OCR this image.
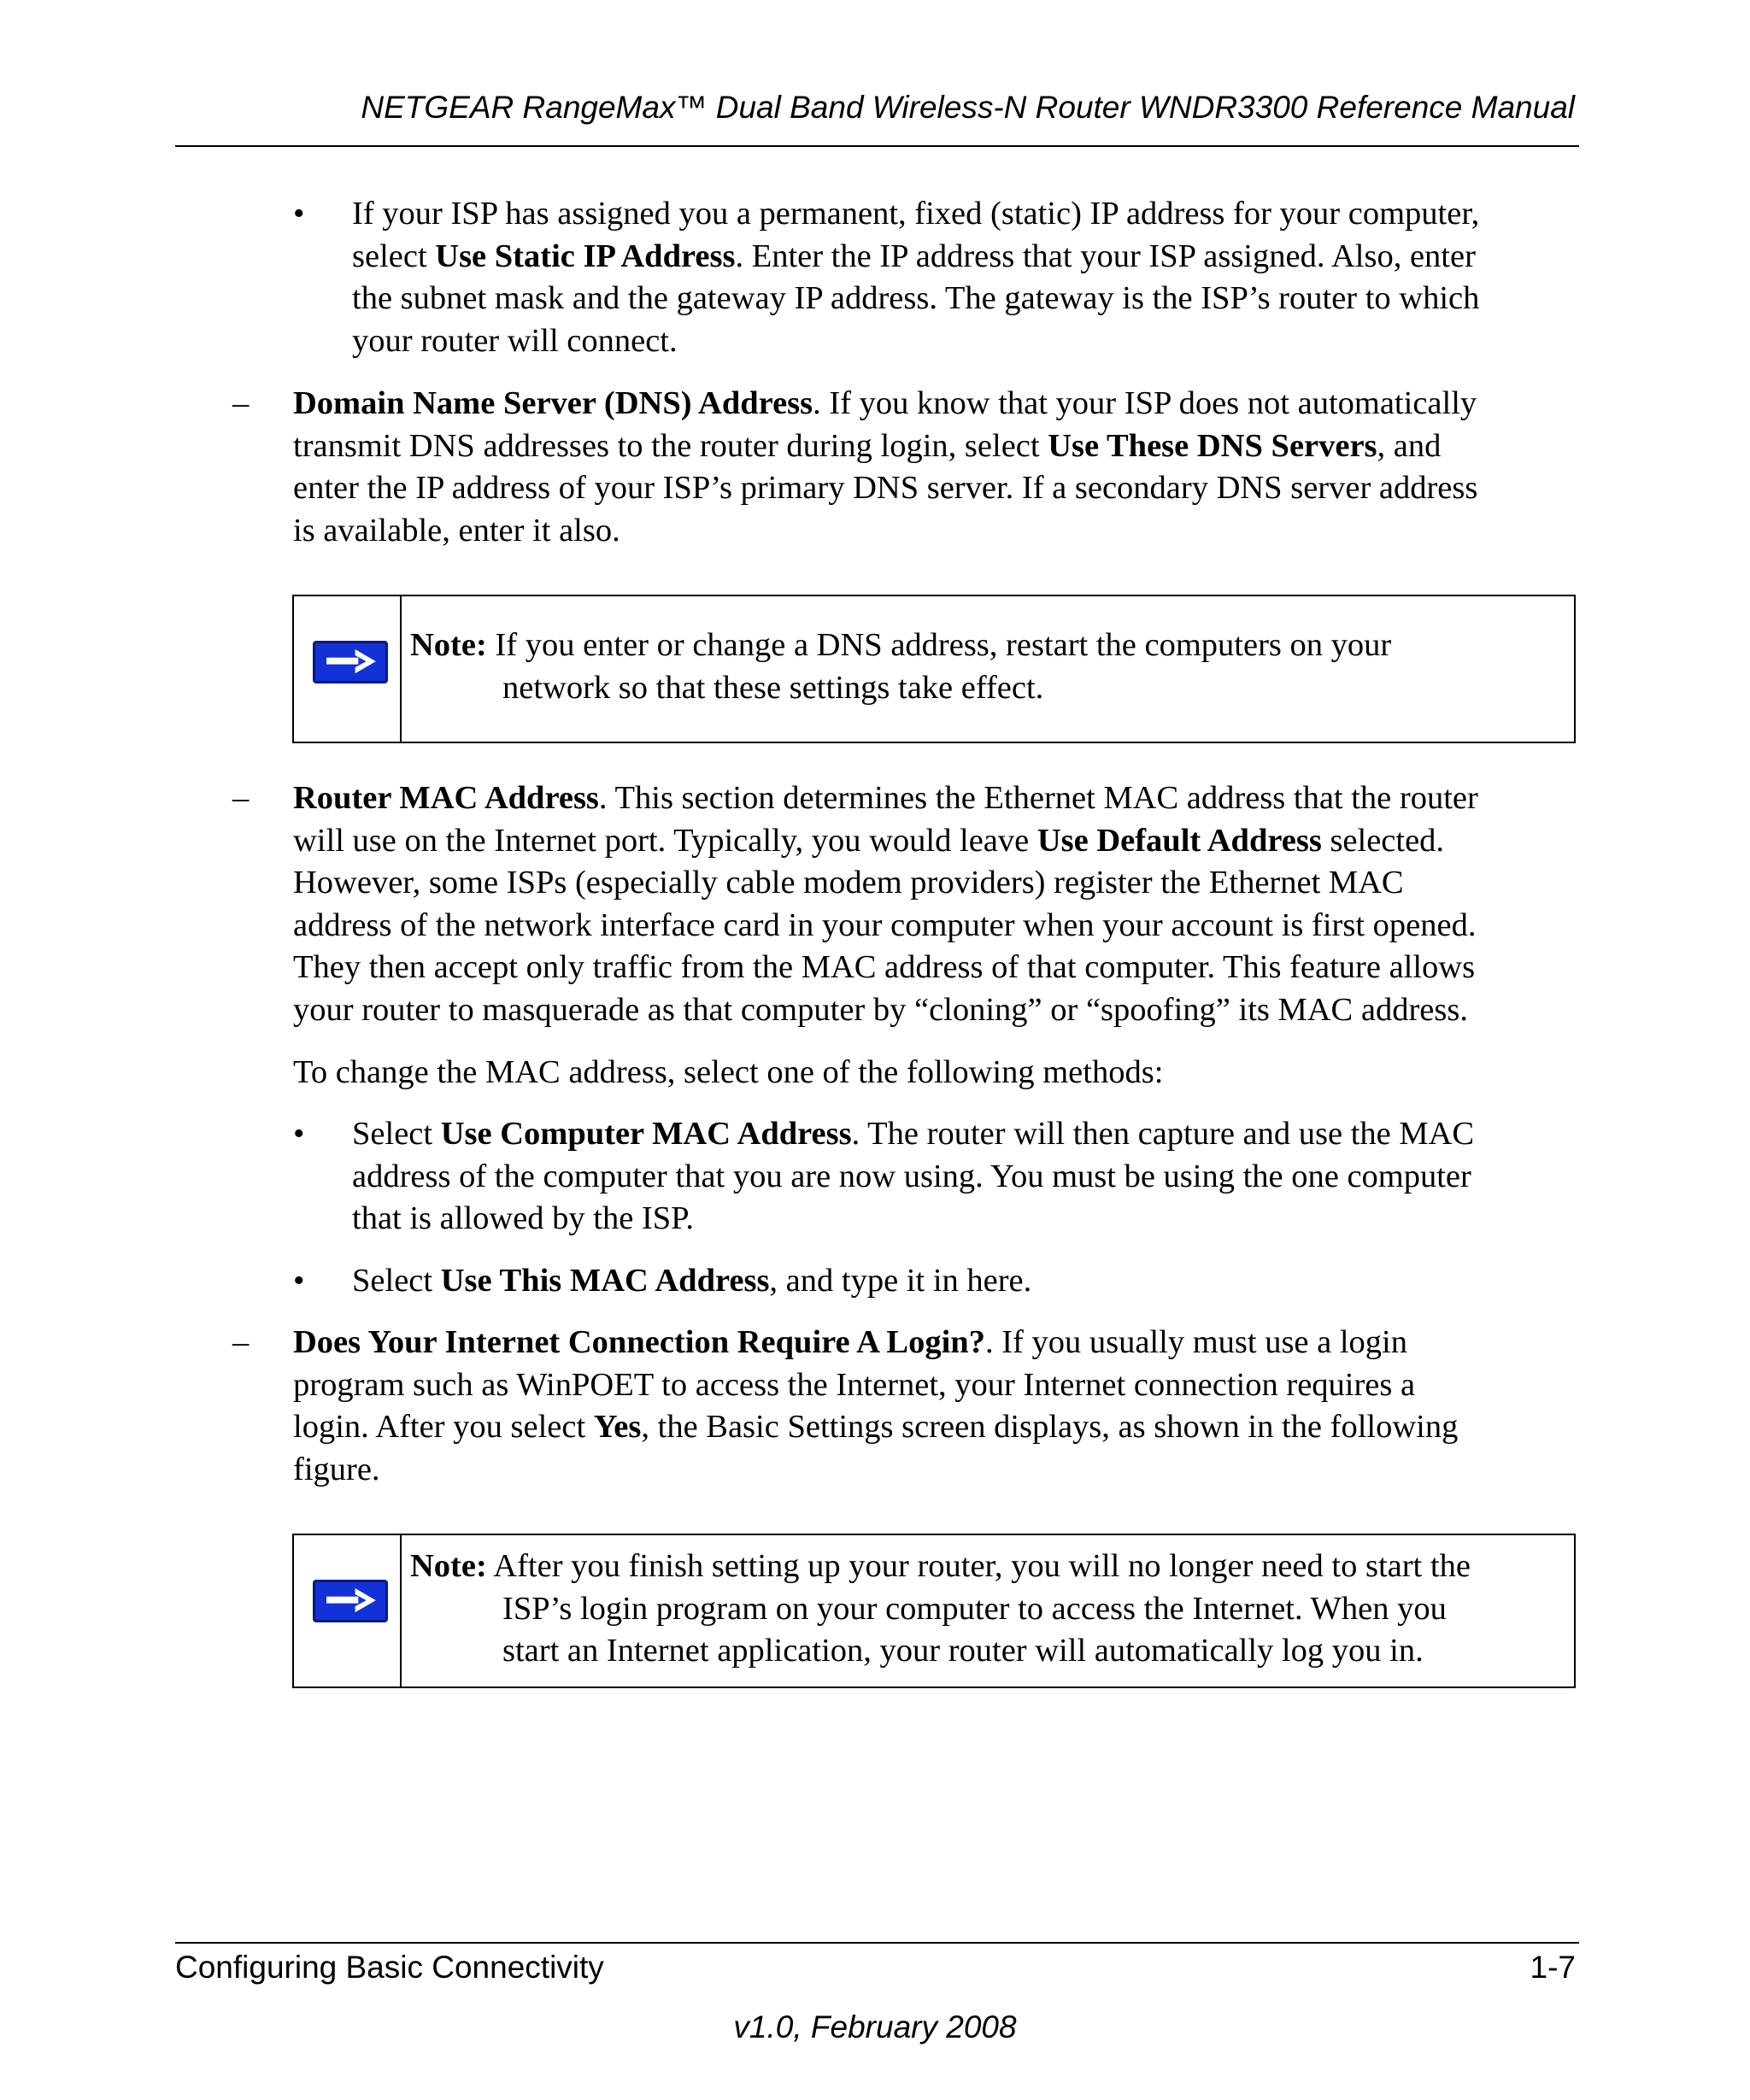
NETGEAR RangeMax™ Dual Band Wireless-N Router WNDR3300 Reference Manual
• If your ISP has assigned you a permanent, fixed (static) IP address for your computer,

select Use Static IP Address. Enter the IP address that your ISP assigned. Also, enter

the subnet mask and the gateway IP address. The gateway is the ISP’s router to which

your router will connect.

– Domain Name Server (DNS) Address. If you know that your ISP does not automatically

transmit DNS addresses to the router during login, select Use These DNS Servers, and

enter the IP address of your ISP’s primary DNS server. If a secondary DNS server address

is available, enter it also.

Note: If you enter or change a DNS address, restart the computers on your

network so that these settings take effect.

– Router MAC Address. This section determines the Ethernet MAC address that the router

will use on the Internet port. Typically, you would leave Use Default Address selected.

However, some ISPs (especially cable modem providers) register the Ethernet MAC

address of the network interface card in your computer when your account is first opened.

They then accept only traffic from the MAC address of that computer. This feature allows

your router to masquerade as that computer by “cloning” or “spoofing” its MAC address.

To change the MAC address, select one of the following methods:

• Select Use Computer MAC Address. The router will then capture and use the MAC

address of the computer that you are now using. You must be using the one computer

that is allowed by the ISP.

• Select Use This MAC Address, and type it in here.

– Does Your Internet Connection Require A Login?. If you usually must use a login

program such as WinPOET to access the Internet, your Internet connection requires a

login. After you select Yes, the Basic Settings screen displays, as shown in the following

figure.

Note: After you finish setting up your router, you will no longer need to start the

ISP’s login program on your computer to access the Internet. When you

start an Internet application, your router will automatically log you in.

Configuring Basic Connectivity	1-7
v1.0, February 2008
